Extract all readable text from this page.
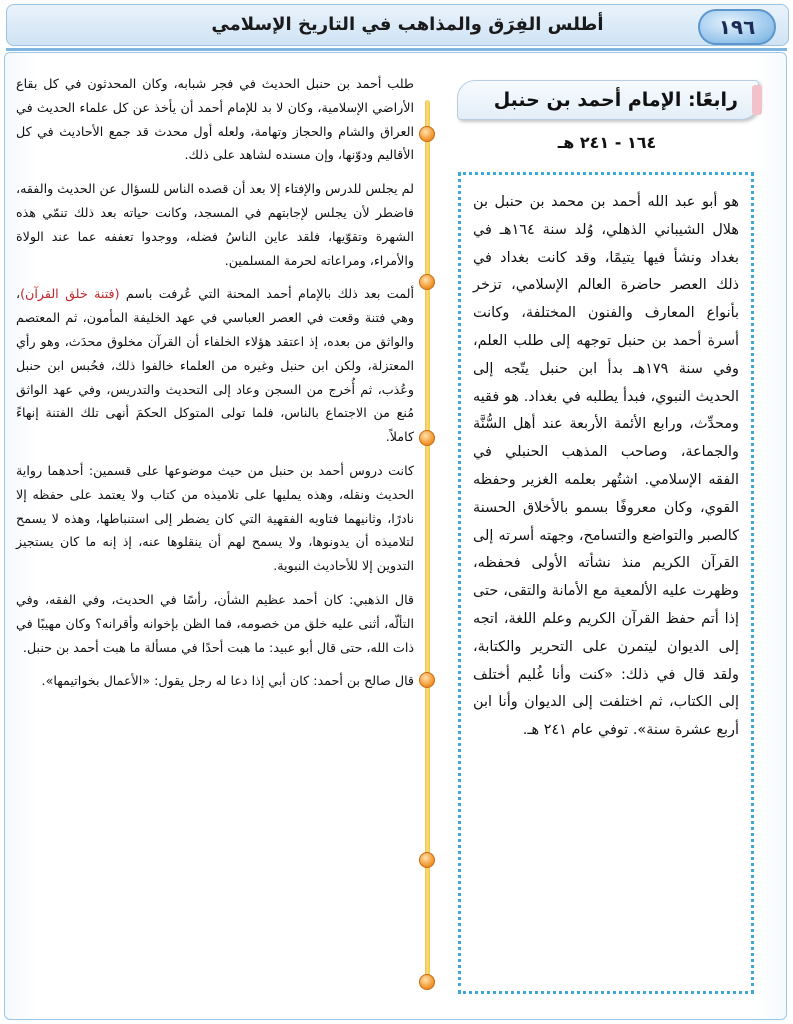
أطلس الفِرَق والمذاهب في التاريخ الإسلامي	١٩٦

طلب أحمد بن حنبل الحديث في فجر شبابه، وكان المحدثون في كل بقاع الأراضي الإسلامية، وكان لا بد للإمام أحمد أن يأخذ عن كل علماء الحديث في العراق والشام والحجاز وتهامة، ولعله أول محدث قد جمع الأحاديث في كل الأقاليم ودوّنها، وإن مسنده لشاهد على ذلك.

لم يجلس للدرس والإفتاء إلا بعد أن قصده الناس للسؤال عن الحديث والفقه، فاضطر لأن يجلس لإجابتهم في المسجد، وكانت حياته بعد ذلك تنمّي هذه الشهرة وتقوّيها، فلقد عاين الناسُ فضله، ووجدوا تعففه عما عند الولاة والأمراء، ومراعاته لحرمة المسلمين.

ألمت بعد ذلك بالإمام أحمد المحنة التي عُرفت باسم (فتنة خلق القرآن)، وهي فتنة وقعت في العصر العباسي في عهد الخليفة المأمون، ثم المعتصم والواثق من بعده، إذ اعتقد هؤلاء الخلفاء أن القرآن مخلوق محدَث، وهو رأي المعتزلة، ولكن ابن حنبل وغيره من العلماء خالفوا ذلك، فحُبس ابن حنبل وعُذب، ثم أُخرج من السجن وعاد إلى التحديث والتدريس، وفي عهد الواثق مُنع من الاجتماع بالناس، فلما تولى المتوكل الحكمَ أنهى تلك الفتنة إنهاءً كاملاً.

كانت دروس أحمد بن حنبل من حيث موضوعها على قسمين: أحدهما رواية الحديث ونقله، وهذه يمليها على تلاميذه من كتاب ولا يعتمد على حفظه إلا نادرًا، وثانيهما فتاويه الفقهية التي كان يضطر إلى استنباطها، وهذه لا يسمح لتلاميذه أن يدونوها، ولا يسمح لهم أن ينقلوها عنه، إذ إنه ما كان يستجيز التدوين إلا للأحاديث النبوية.

قال الذهبي: كان أحمد عظيم الشأن، رأسًا في الحديث، وفي الفقه، وفي التألّه، أثنى عليه خلق من خصومه، فما الظن بإخوانه وأقرانه؟ وكان مهيبًا في ذات الله، حتى قال أبو عبيد: ما هبت أحدًا في مسألة ما هبت أحمد بن حنبل.

قال صالح بن أحمد: كان أبي إذا دعا له رجل يقول: «الأعمال بخواتيمها».

رابعًا: الإمام أحمد بن حنبل
١٦٤ - ٢٤١ هـ
هو أبو عبد الله أحمد بن محمد بن حنبل بن هلال الشيباني الذهلي، وُلد سنة ١٦٤هـ في بغداد ونشأ فيها يتيمًا، وقد كانت بغداد في ذلك العصر حاضرة العالم الإسلامي، تزخر بأنواع المعارف والفنون المختلفة، وكانت أسرة أحمد بن حنبل توجهه إلى طلب العلم، وفي سنة ١٧٩هـ بدأ ابن حنبل يتّجه إلى الحديث النبوي، فبدأ يطلبه في بغداد. هو فقيه ومحدِّث، ورابع الأئمة الأربعة عند أهل السُّنَّة والجماعة، وصاحب المذهب الحنبلي في الفقه الإسلامي. اشتُهر بعلمه الغزير وحفظه القوي، وكان معروفًا بسمو بالأخلاق الحسنة كالصبر والتواضع والتسامح، وجهته أسرته إلى القرآن الكريم منذ نشأته الأولى فحفظه، وظهرت عليه الألمعية مع الأمانة والتقى، حتى إذا أتم حفظ القرآن الكريم وعلم اللغة، اتجه إلى الديوان ليتمرن على التحرير والكتابة، ولقد قال في ذلك: «كنت وأنا غُليم أختلف إلى الكتاب، ثم اختلفت إلى الديوان وأنا ابن أربع عشرة سنة». توفي عام ٢٤١ هـ.
